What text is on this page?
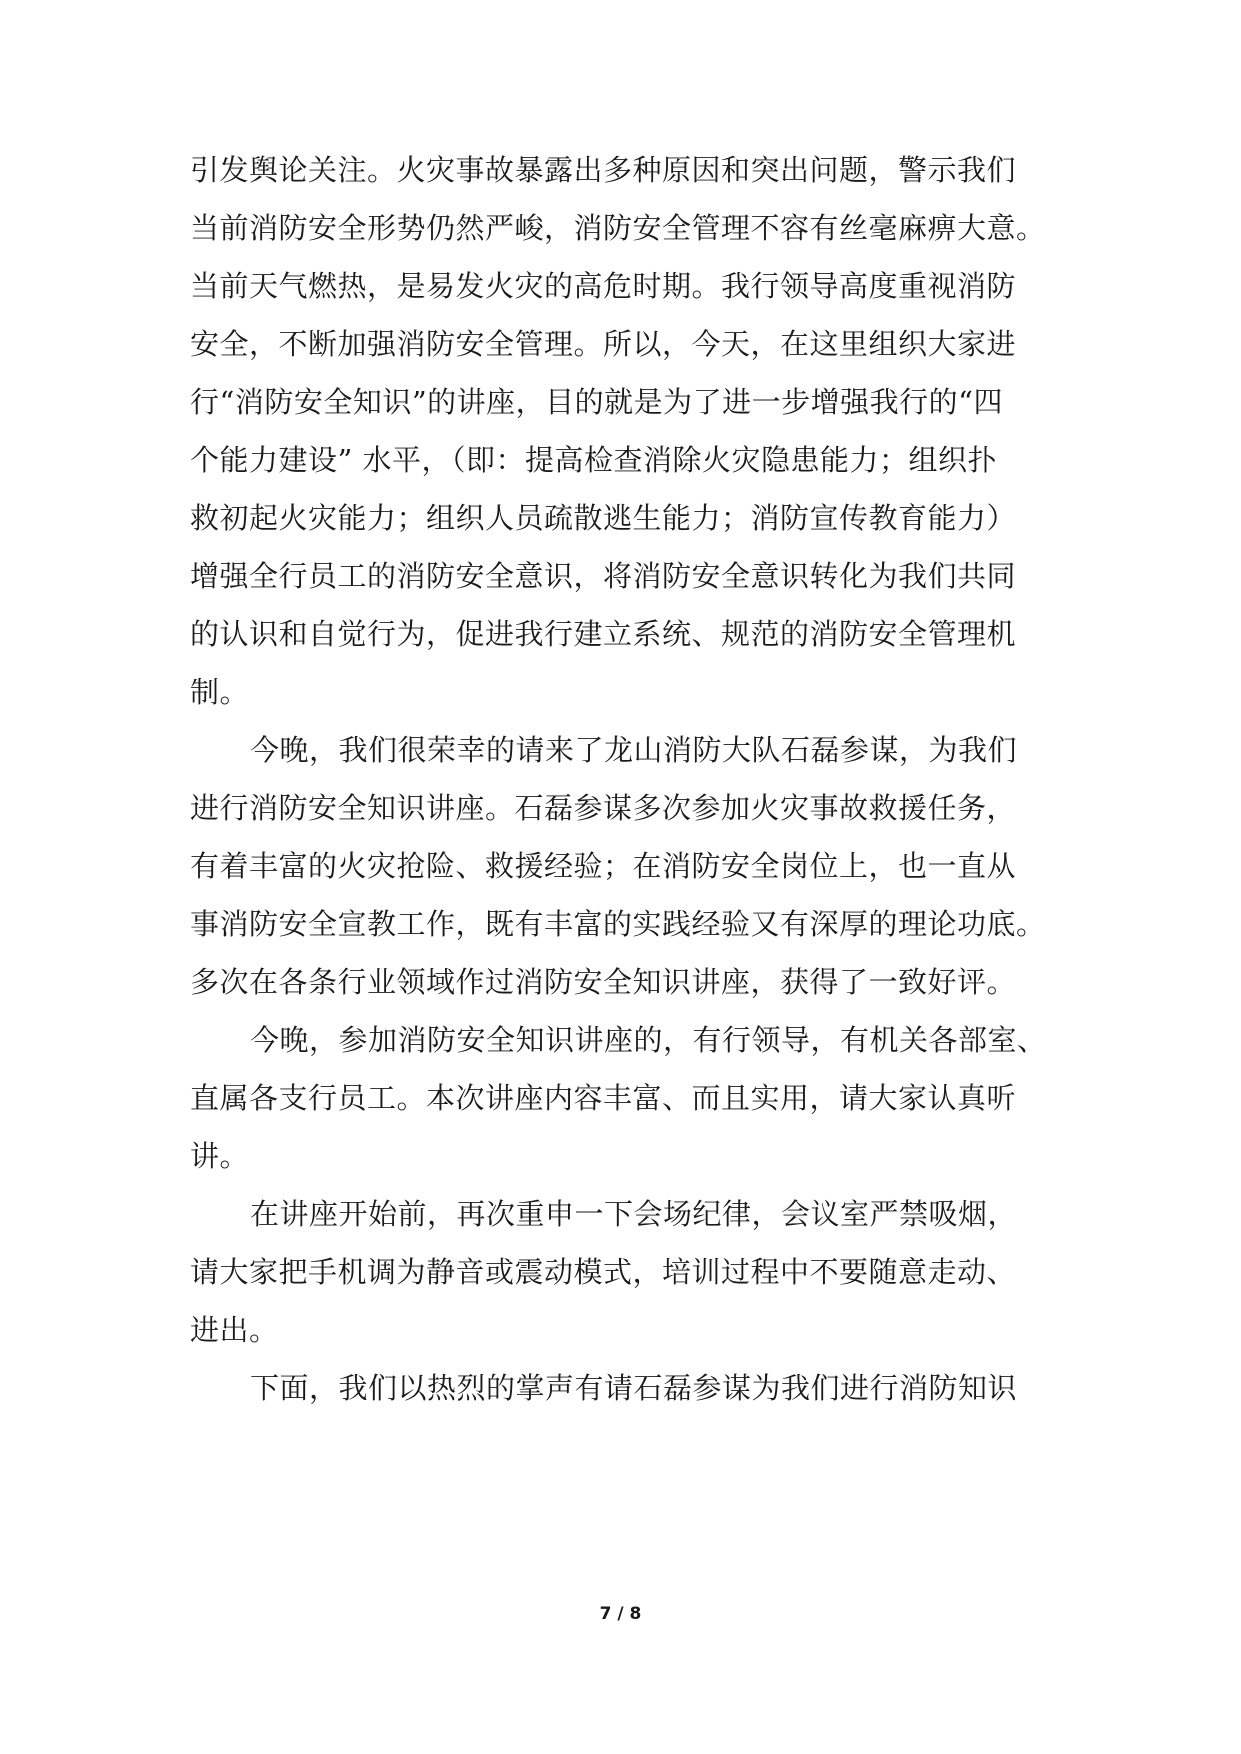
引发舆论关注。火灾事故暴露出多种原因和突出问题，警示我们
当前消防安全形势仍然严峻，消防安全管理不容有丝毫麻痹大意。
当前天气燃热，是易发火灾的高危时期。我行领导高度重视消防
安全，不断加强消防安全管理。所以，今天，在这里组织大家进
行“消防安全知识”的讲座，目的就是为了进一步增强我行的“四
个能力建设” 水平，（即：提高检查消除火灾隐患能力；组织扑
救初起火灾能力；组织人员疏散逃生能力；消防宣传教育能力）
增强全行员工的消防安全意识，将消防安全意识转化为我们共同
的认识和自觉行为，促进我行建立系统、规范的消防安全管理机
制。
今晚，我们很荣幸的请来了龙山消防大队石磊参谋，为我们
进行消防安全知识讲座。石磊参谋多次参加火灾事故救援任务，
有着丰富的火灾抢险、救援经验；在消防安全岗位上，也一直从
事消防安全宣教工作，既有丰富的实践经验又有深厚的理论功底。
多次在各条行业领域作过消防安全知识讲座，获得了一致好评。
今晚，参加消防安全知识讲座的，有行领导，有机关各部室、
直属各支行员工。本次讲座内容丰富、而且实用，请大家认真听
讲。
在讲座开始前，再次重申一下会场纪律，会议室严禁吸烟，
请大家把手机调为静音或震动模式，培训过程中不要随意走动、
进出。
下面，我们以热烈的掌声有请石磊参谋为我们进行消防知识
7 / 8
